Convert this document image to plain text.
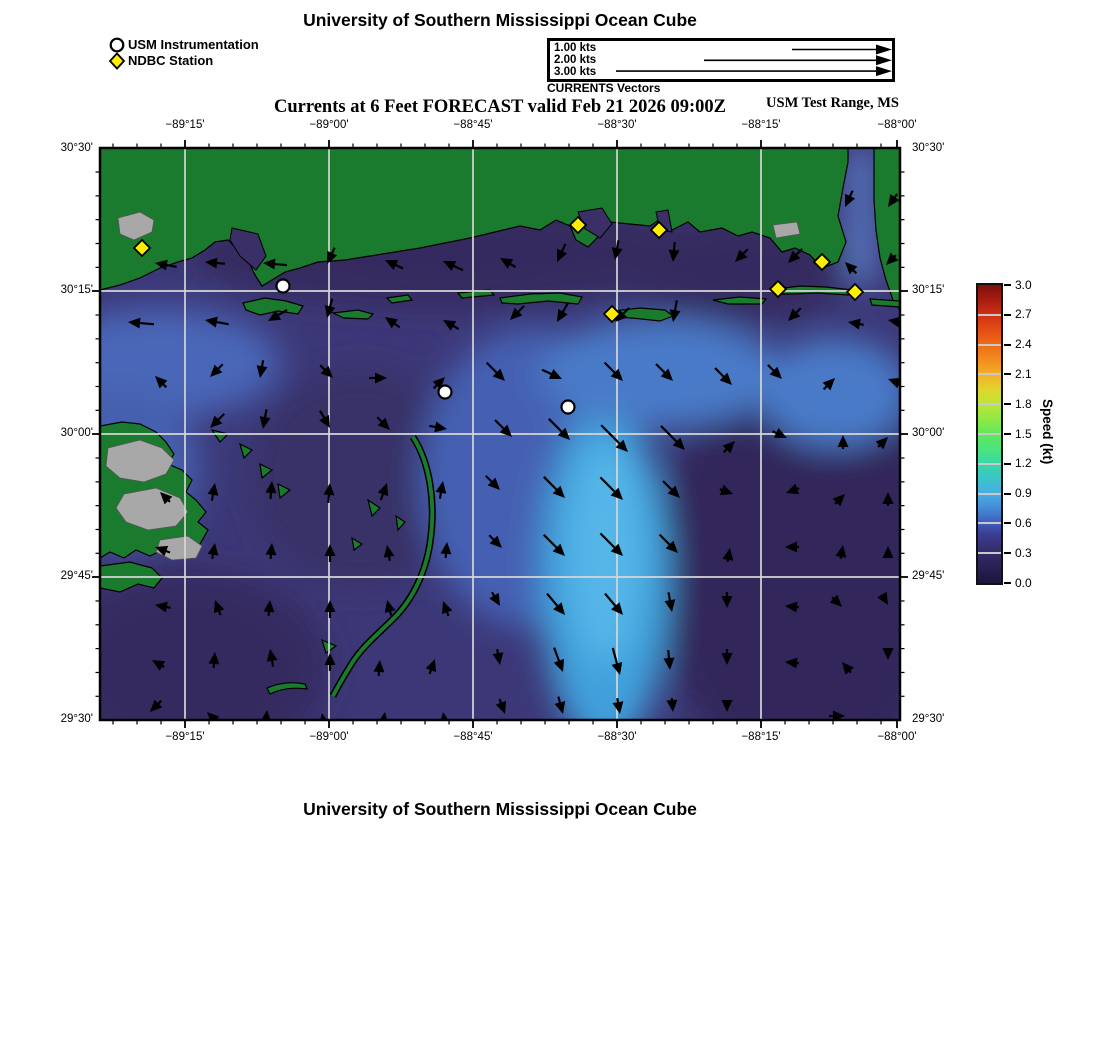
University of Southern Mississippi Ocean Cube
USM Instrumentation
NDBC Station
1.00 kts
2.00 kts
3.00 kts
CURRENTS Vectors
Currents at 6 Feet FORECAST valid Feb 21 2026 09:00Z	USM Test Range, MS
Speed (kt)
−89°15'
−89°15'
−89°00'
−89°00'
−88°45'
−88°45'
−88°30'
−88°30'
−88°15'
−88°15'
−88°00'
−88°00'
30°30'	30°30'
30°15'	30°15'
30°00'	30°00'
29°45'	29°45'
29°30'	29°30'
3.0
2.7
2.4
2.1
1.8
1.5
1.2
0.9
0.6
0.3
0.0
University of Southern Mississippi Ocean Cube
